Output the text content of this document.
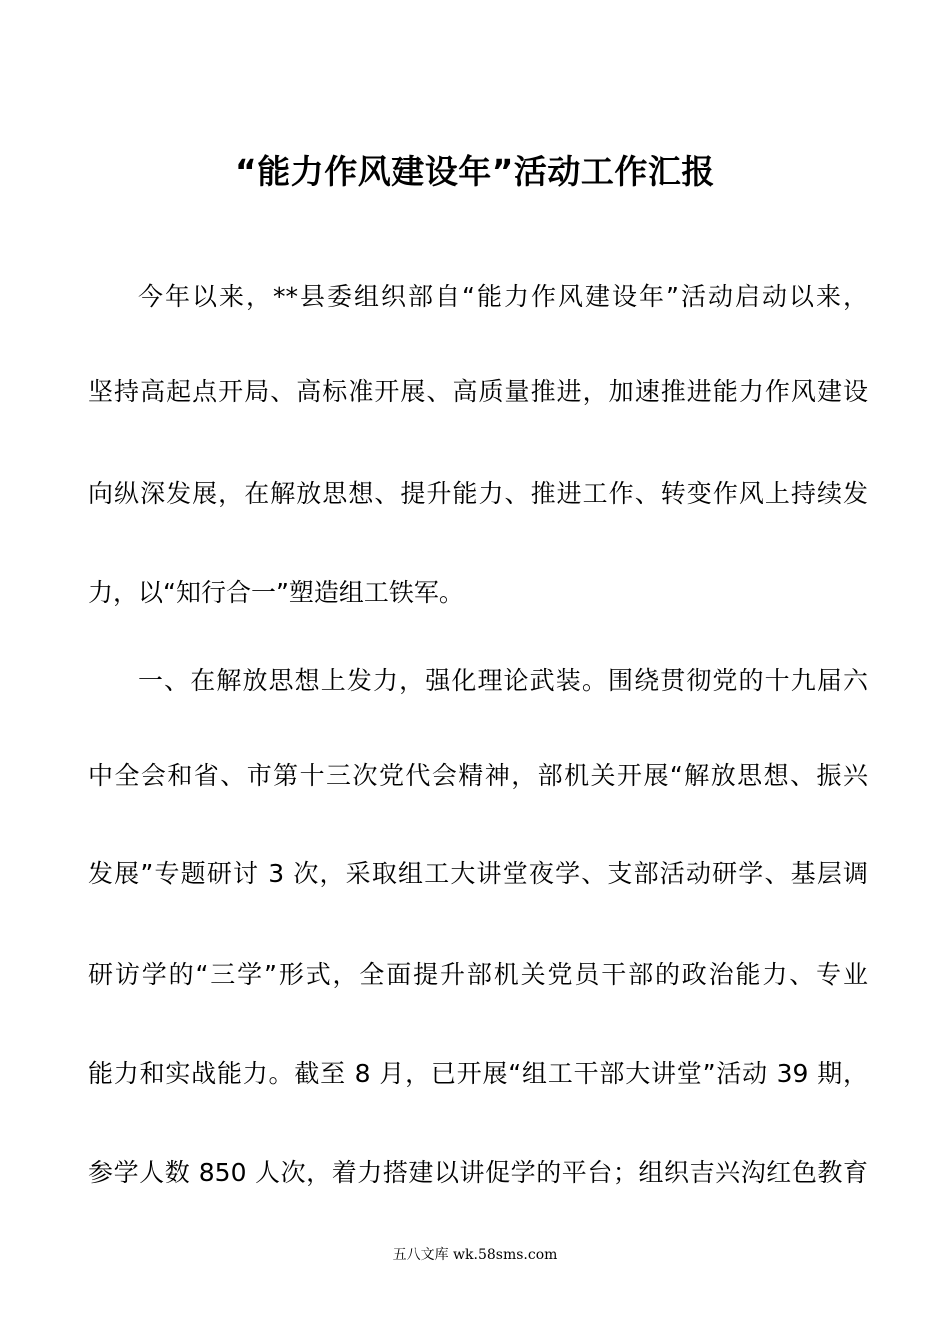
“能力作风建设年”活动工作汇报
今年以来，**县委组织部自“能力作风建设年”活动启动以来，
坚持高起点开局、高标准开展、高质量推进，加速推进能力作风建设
向纵深发展，在解放思想、提升能力、推进工作、转变作风上持续发
力，以“知行合一”塑造组工铁军。
一、在解放思想上发力，强化理论武装。围绕贯彻党的十九届六
中全会和省、市第十三次党代会精神，部机关开展“解放思想、振兴
发展”专题研讨 3 次，采取组工大讲堂夜学、支部活动研学、基层调
研访学的“三学”形式，全面提升部机关党员干部的政治能力、专业
能力和实战能力。截至 8 月，已开展“组工干部大讲堂”活动 39 期，
参学人数 850 人次，着力搭建以讲促学的平台；组织吉兴沟红色教育
五八文库 wk.58sms.com
